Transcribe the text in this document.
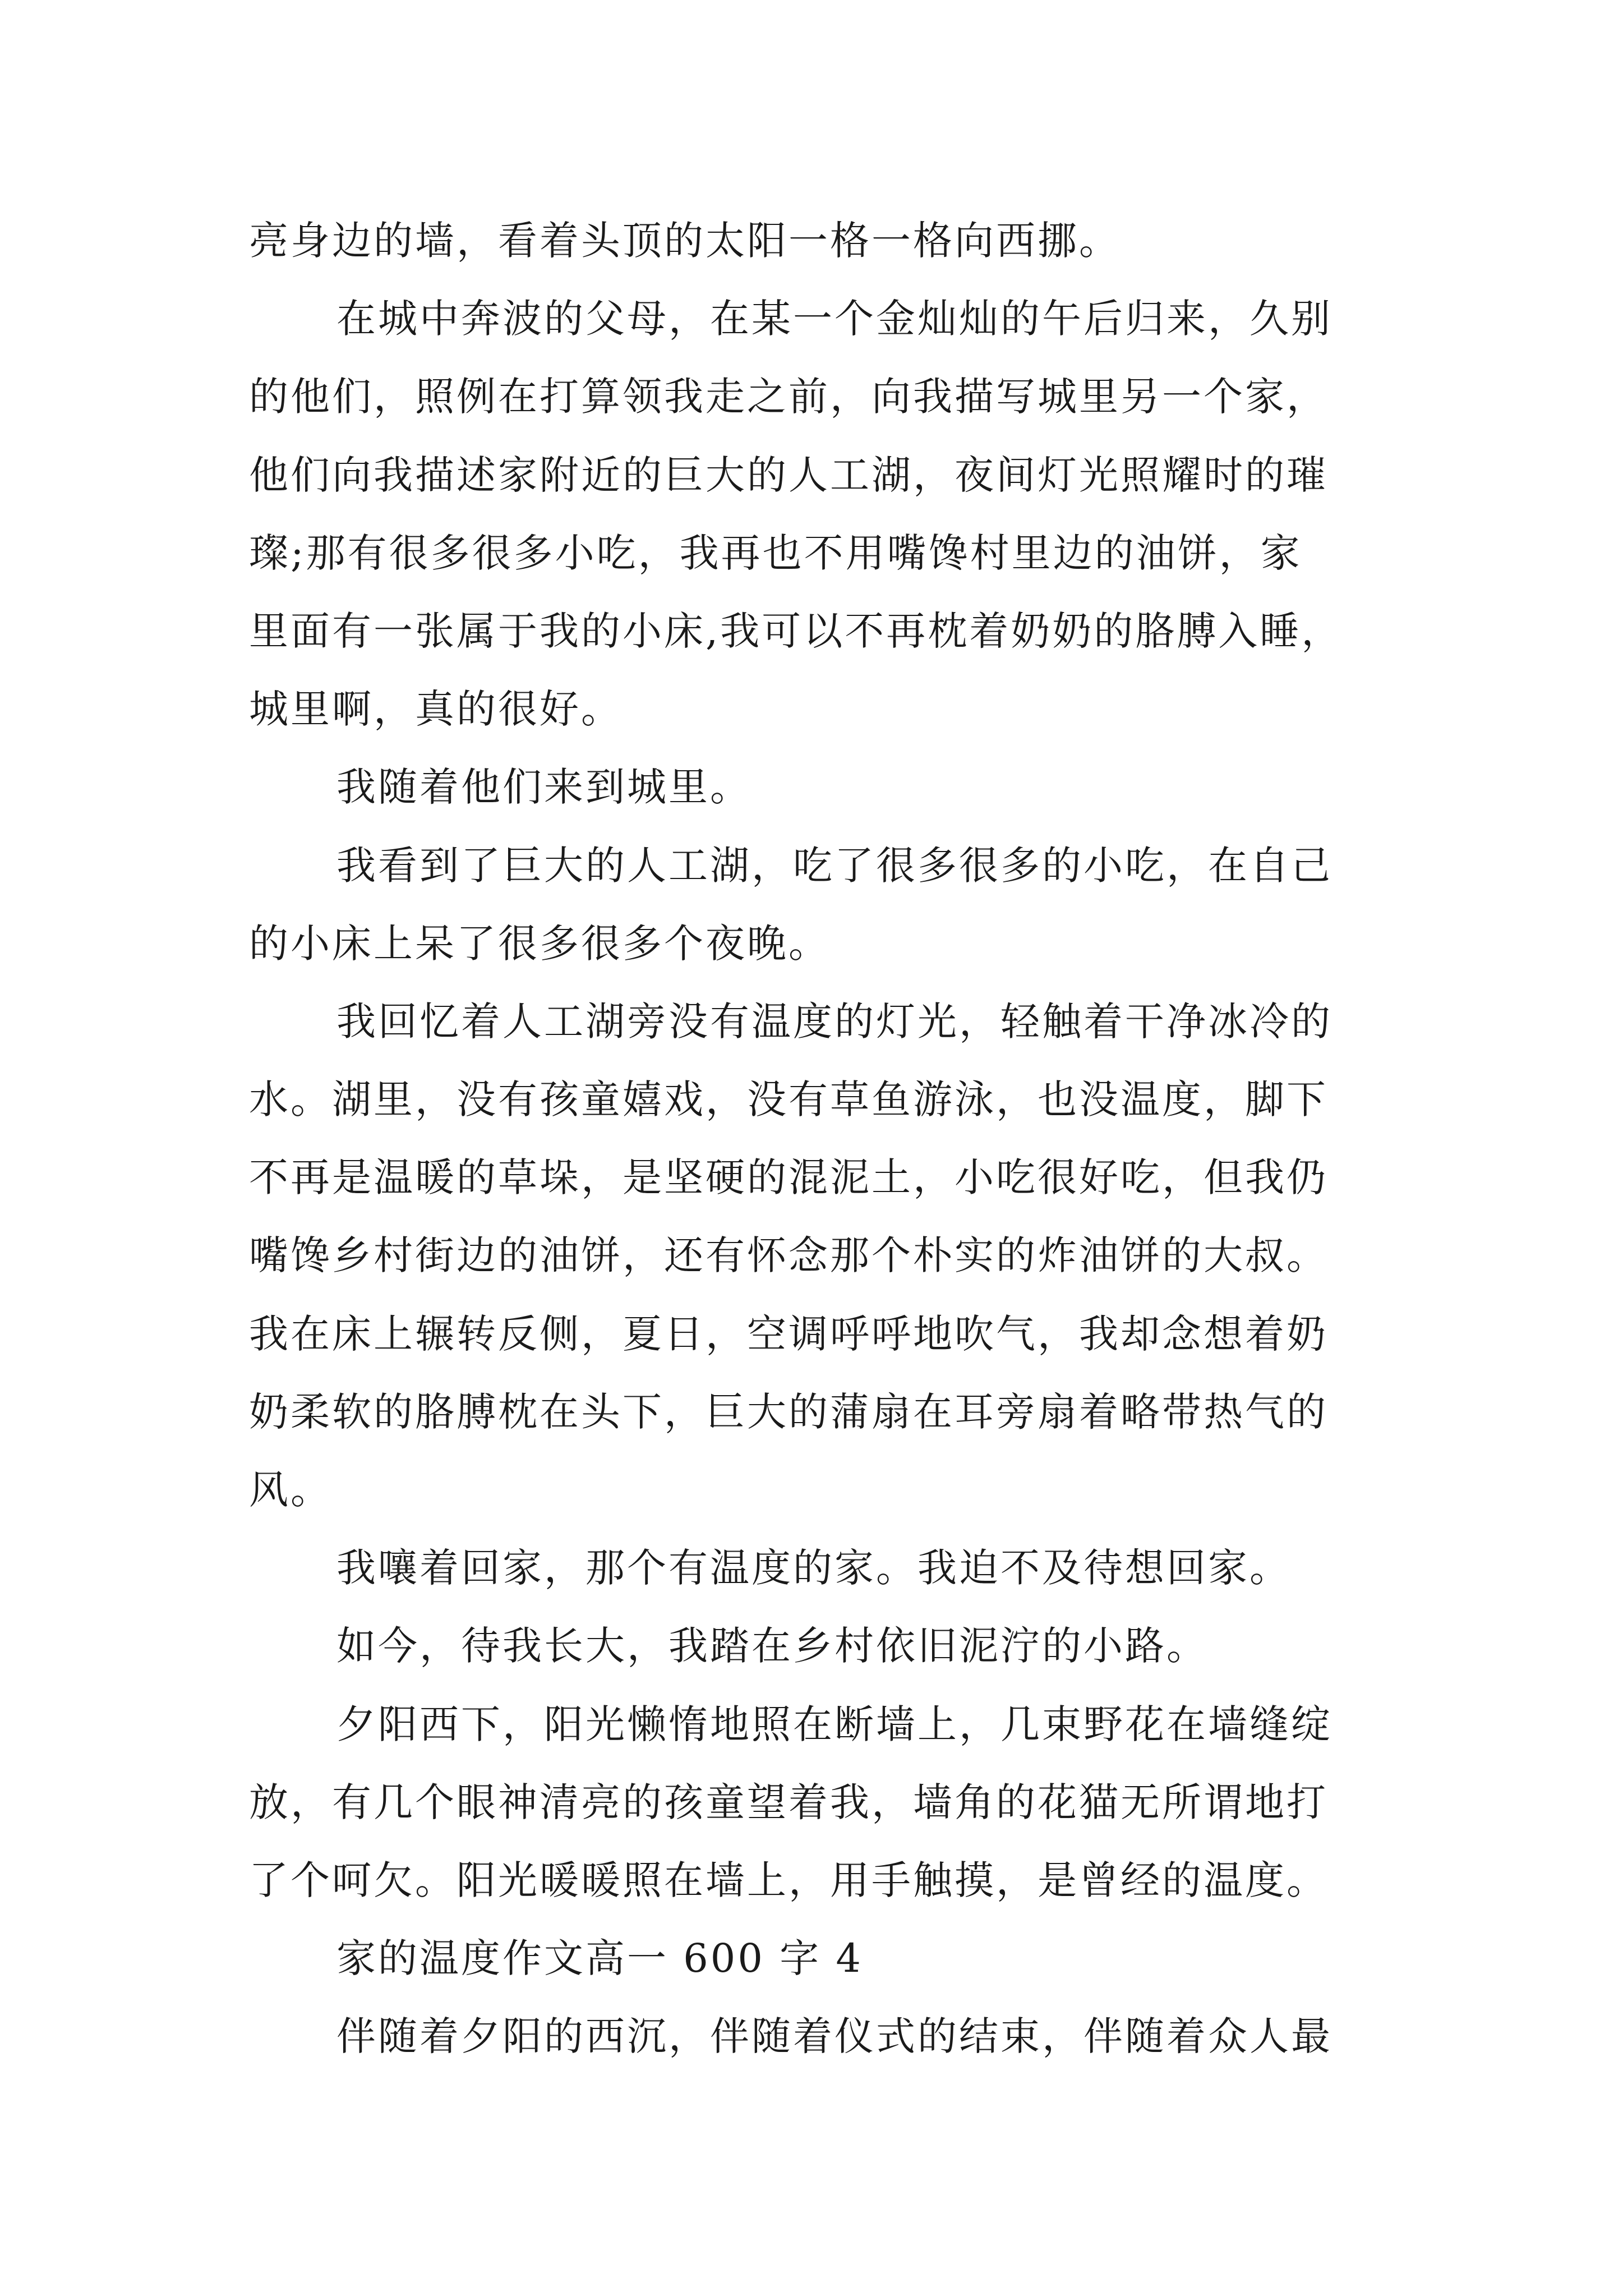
亮身边的墙，看着头顶的太阳一格一格向西挪。
在城中奔波的父母，在某一个金灿灿的午后归来，久别
的他们，照例在打算领我走之前，向我描写城里另一个家，
他们向我描述家附近的巨大的人工湖，夜间灯光照耀时的璀
璨;那有很多很多小吃，我再也不用嘴馋村里边的油饼，家
里面有一张属于我的小床,我可以不再枕着奶奶的胳膊入睡，
城里啊，真的很好。
我随着他们来到城里。
我看到了巨大的人工湖，吃了很多很多的小吃，在自己
的小床上呆了很多很多个夜晚。
我回忆着人工湖旁没有温度的灯光，轻触着干净冰冷的
水。湖里，没有孩童嬉戏，没有草鱼游泳，也没温度，脚下
不再是温暖的草垛，是坚硬的混泥土，小吃很好吃，但我仍
嘴馋乡村街边的油饼，还有怀念那个朴实的炸油饼的大叔。
我在床上辗转反侧，夏日，空调呼呼地吹气，我却念想着奶
奶柔软的胳膊枕在头下，巨大的蒲扇在耳旁扇着略带热气的
风。
我嚷着回家，那个有温度的家。我迫不及待想回家。
如今，待我长大，我踏在乡村依旧泥泞的小路。
夕阳西下，阳光懒惰地照在断墙上，几束野花在墙缝绽
放，有几个眼神清亮的孩童望着我，墙角的花猫无所谓地打
了个呵欠。阳光暖暖照在墙上，用手触摸，是曾经的温度。
家的温度作文高一 600 字 4
伴随着夕阳的西沉，伴随着仪式的结束，伴随着众人最
